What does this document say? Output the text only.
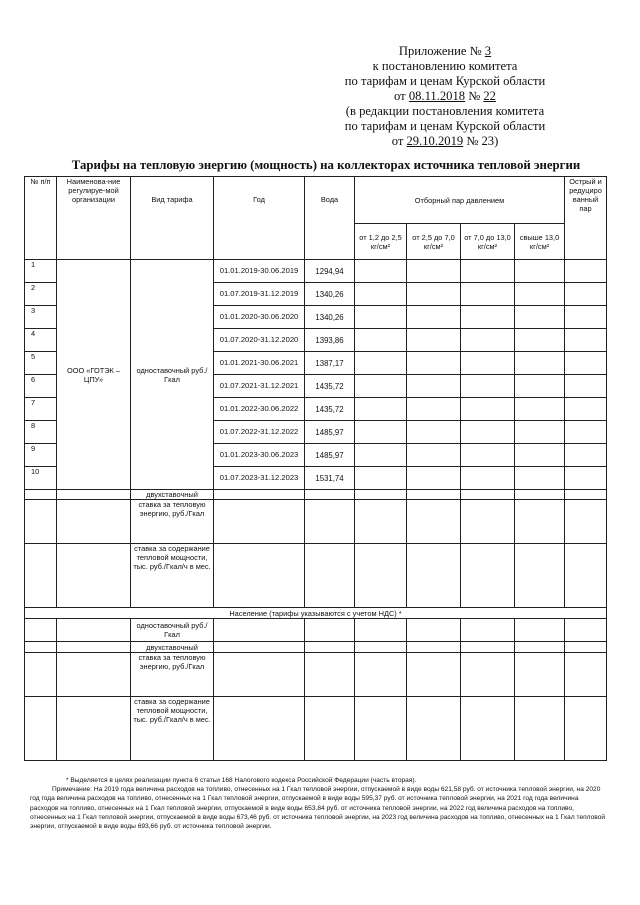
Приложение № 3
к постановлению комитета
по тарифам и ценам Курской области
от 08.11.2018 № 22
(в редакции постановления комитета
по тарифам и ценам Курской области
от 29.10.2019 № 23)
Тарифы на тепловую энергию (мощность) на коллекторах источника тепловой энергии
№ п/п	Наименова-ние регулируе-мой организации	Вид тарифа	Год	Вода	Отборный пар давлением				Острый и редуциро ванный пар
					от 1,2 до 2,5 кг/см²	от 2,5 до 7,0 кг/см²	от 7,0 до 13,0 кг/см²	свыше 13,0 кг/см²	
1	ООО «ГОТЭК – ЦПУ»	одноставочный руб./Гкал	01.01.2019-30.06.2019	1294,94					
2			01.07.2019-31.12.2019	1340,26					
3			01.01.2020-30.06.2020	1340,26					
4			01.07.2020-31.12.2020	1393,86					
5			01.01.2021-30.06.2021	1387,17					
6			01.07.2021-31.12.2021	1435,72					
7			01.01.2022-30.06.2022	1435,72					
8			01.07.2022-31.12.2022	1485,97					
9			01.01.2023-30.06.2023	1485,97					
10			01.07.2023-31.12.2023	1531,74					
		двухставочный							
		ставка за тепловую энергию, руб./Гкал							
		ставка за содержание тепловой мощности, тыс. руб./Гкал/ч в мес.							
Население (тарифы указываются с учетом НДС) *									
		одноставочный руб./Гкал							
		двухставочный							
		ставка за тепловую энергию, руб./Гкал							
		ставка за содержание тепловой мощности, тыс. руб./Гкал/ч в мес.							

* Выделяется в целях реализации пункта 6 статьи 168 Налогового кодекса Российской Федерации (часть вторая).

Примечание: На 2019 года величина расходов на топливо, отнесенных на 1 Гкал тепловой энергии, отпускаемой в виде воды 621,58 руб. от источника тепловой энергии, на 2020 год года величина расходов на топливо, отнесенных на 1 Гкал тепловой энергии, отпускаемой в виде воды 595,37 руб. от источника тепловой энергии, на 2021 год года величина расходов на топливо, отнесенных на 1 Гкал тепловой энергии, отпускаемой в виде воды 653,84 руб. от источника тепловой энергии, на 2022 год величина расходов на топливо, отнесенных на 1 Гкал тепловой энергии, отпускаемой в виде воды 673,46 руб. от источника тепловой энергии, на 2023 год величина расходов на топливо, отнесенных на 1 Гкал тепловой энергии, отпускаемой в виде воды 693,66 руб. от источника тепловой энергии.
